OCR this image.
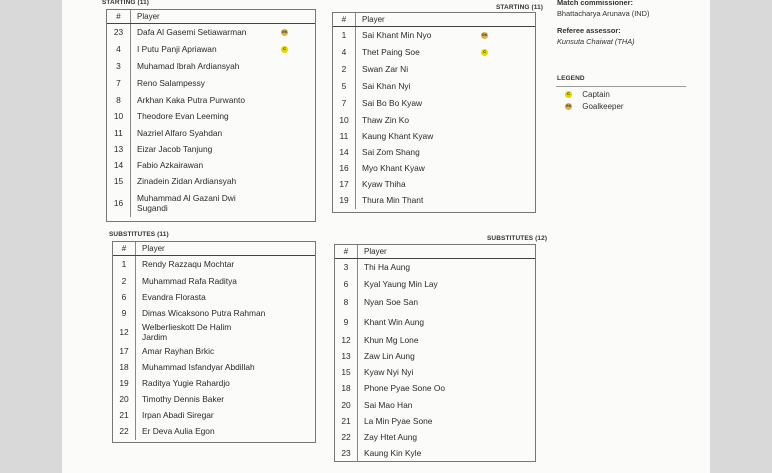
STARTING (11)
STARTING (11)
SUBSTITUTES (11)
SUBSTITUTES (12)
#	Player
23	Dafa Al Gasemi Setiawarman GK

4	I Putu Panji Apriawan C

3	Muhamad Ibrah Ardiansyah
7	Reno Salampessy
8	Arkhan Kaka Putra Purwanto
10	Theodore Evan Leeming
11	Nazriel Alfaro Syahdan
13	Eizar Jacob Tanjung
14	Fabio Azkairawan
15	Zinadein Zidan Ardiansyah
16	Muhammad Al Gazani Dwi Sugandi
#	Player
1	Sai Khant Min Nyo GK

4	Thet Paing Soe C

2	Swan Zar Ni
5	Sai Khan Nyi
7	Sai Bo Bo Kyaw
10	Thaw Zin Ko
11	Kaung Khant Kyaw
14	Sai Zom Shang
16	Myo Khant Kyaw
17	Kyaw Thiha
19	Thura Min Thant
#	Player
1	Rendy Razzaqu Mochtar
2	Muhammad Rafa Raditya
6	Evandra Florasta
9	Dimas Wicaksono Putra Rahman
12	Welberlieskott De Halim Jardim
17	Amar Rayhan Brkic
18	Muhammad Isfandyar Abdillah
19	Raditya Yugie Rahardjo
20	Timothy Dennis Baker
21	Irpan Abadi Siregar
22	Er Deva Aulia Egon
#	Player
3	Thi Ha Aung
6	Kyal Yaung Min Lay
8	Nyan Soe San
9	Khant Win Aung
12	Khun Mg Lone
13	Zaw Lin Aung
15	Kyaw Nyi Nyi
18	Phone Pyae Sone Oo
20	Sai Mao Han
21	La Min Pyae Sone
22	Zay Htet Aung
23	Kaung Kin Kyle
Match commissioner:
Bhattacharya Arunava (IND)
Referee assessor:
Kunsuta Chaiwat (THA)
LEGEND
C Captain
GK Goalkeeper
